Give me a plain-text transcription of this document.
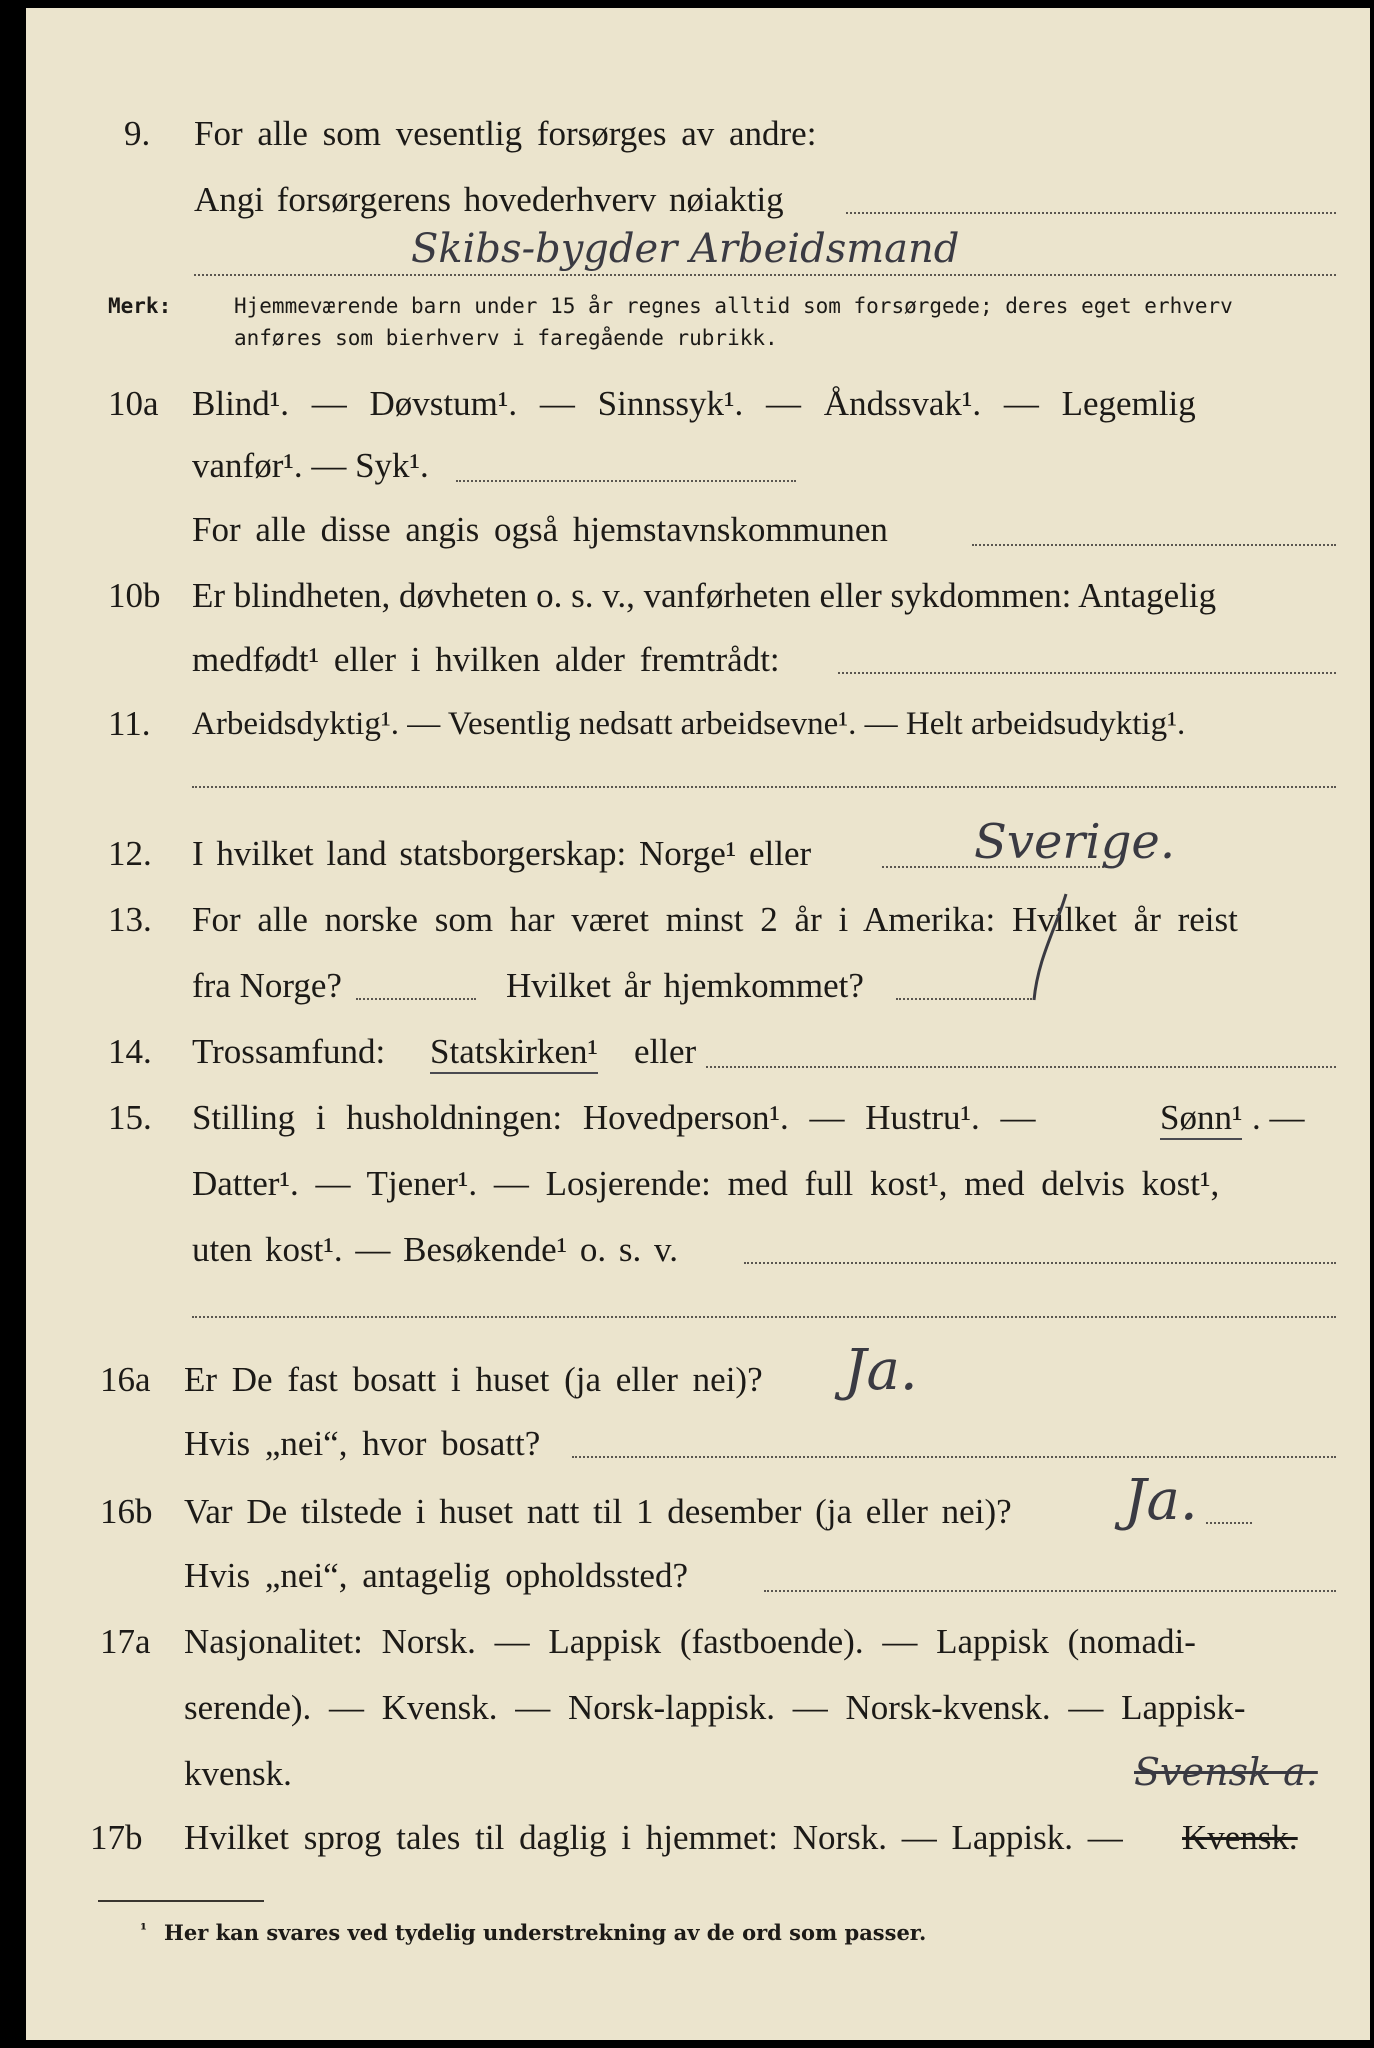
9. For alle som vesentlig forsørges av andre:
Angi forsørgerens hovederhverv nøiaktig
Skibs-bygder Arbeidsmand
Merk:	Hjemmeværende barn under 15 år regnes alltid som forsørgede; deres eget erhverv
anføres som bierhverv i faregående rubrikk.
10a Blind¹. — Døvstum¹. — Sinnssyk¹. — Åndssvak¹. — Legemlig
vanfør¹. — Syk¹.
For alle disse angis også hjemstavnskommunen
10b Er blindheten, døvheten o. s. v., vanførheten eller sykdommen: Antagelig
medfødt¹ eller i hvilken alder fremtrådt:
11. Arbeidsdyktig¹. — Vesentlig nedsatt arbeidsevne¹. — Helt arbeidsudyktig¹.
12. I hvilket land statsborgerskap: Norge¹ eller	Sverige.
13. For alle norske som har været minst 2 år i Amerika: Hvilket år reist
fra Norge?	Hvilket år hjemkommet?
14. Trossamfund: Statskirken¹ eller
15. Stilling i husholdningen: Hovedperson¹. — Hustru¹. —	Sønn¹ . —
Datter¹. — Tjener¹. — Losjerende: med full kost¹, med delvis kost¹,
uten kost¹. — Besøkende¹ o. s. v.
16a Er De fast bosatt i huset (ja eller nei)? Ja.
Hvis „nei“, hvor bosatt?
16b Var De tilstede i huset natt til 1 desember (ja eller nei)? Ja.
Hvis „nei“, antagelig opholdssted?
17a Nasjonalitet: Norsk. — Lappisk (fastboende). — Lappisk (nomadi-
serende). — Kvensk. — Norsk-lappisk. — Norsk-kvensk. — Lappisk-
kvensk.	Svensk a.
17b Hvilket sprog tales til daglig i hjemmet: Norsk. — Lappisk. — Kvensk.
¹ Her kan svares ved tydelig understrekning av de ord som passer.
